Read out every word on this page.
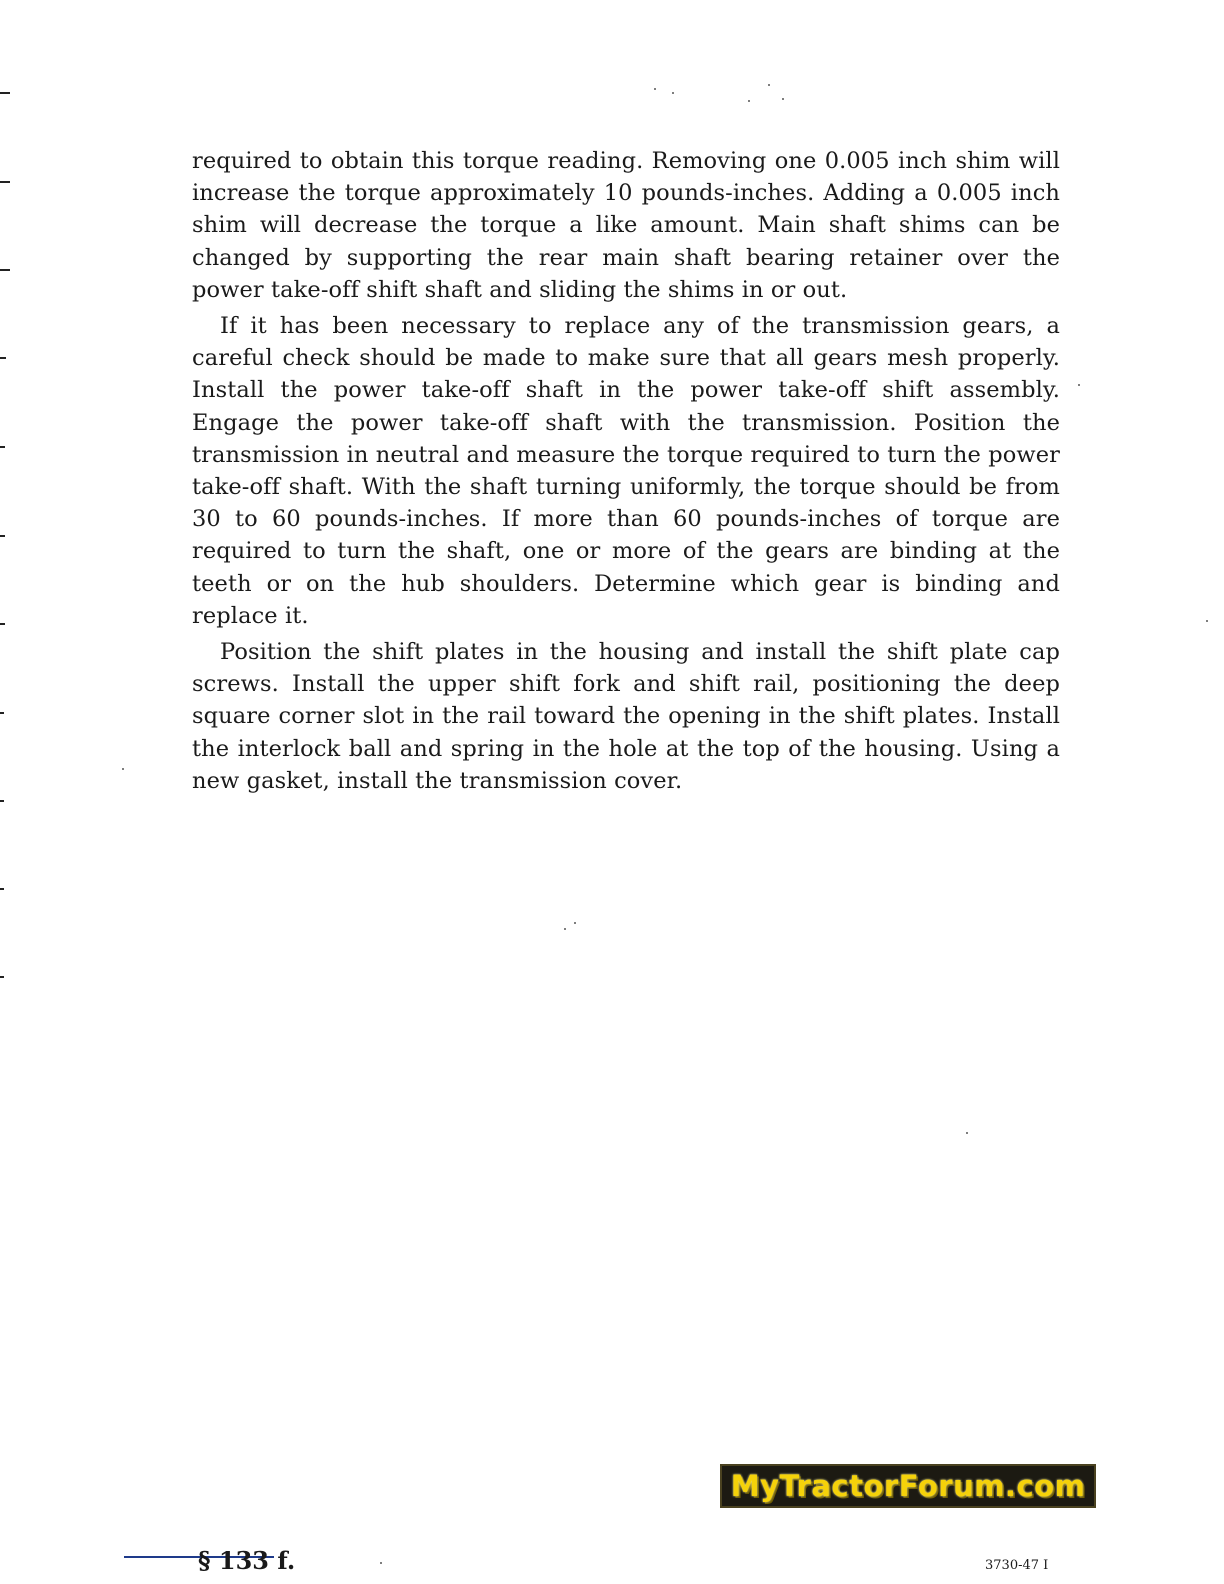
required to obtain this torque reading. Removing one 0.005 inch shim will increase the torque approximately 10 pounds-inches. Adding a 0.005 inch shim will decrease the torque a like amount. Main shaft shims can be changed by supporting the rear main shaft bearing retainer over the power take-off shift shaft and sliding the shims in or out.

If it has been necessary to replace any of the transmission gears, a careful check should be made to make sure that all gears mesh properly. Install the power take-off shaft in the power take-off shift assembly. Engage the power take-off shaft with the transmission. Position the transmission in neutral and measure the torque required to turn the power take-off shaft. With the shaft turning uniformly, the torque should be from 30 to 60 pounds-inches. If more than 60 pounds-inches of torque are required to turn the shaft, one or more of the gears are binding at the teeth or on the hub shoulders. Determine which gear is binding and replace it.

Position the shift plates in the housing and install the shift plate cap screws. Install the upper shift fork and shift rail, positioning the deep square corner slot in the rail toward the opening in the shift plates. Install the interlock ball and spring in the hole at the top of the housing. Using a new gasket, install the transmission cover.

MyTractorForum.com
§ 133 f.	3730-47 I
